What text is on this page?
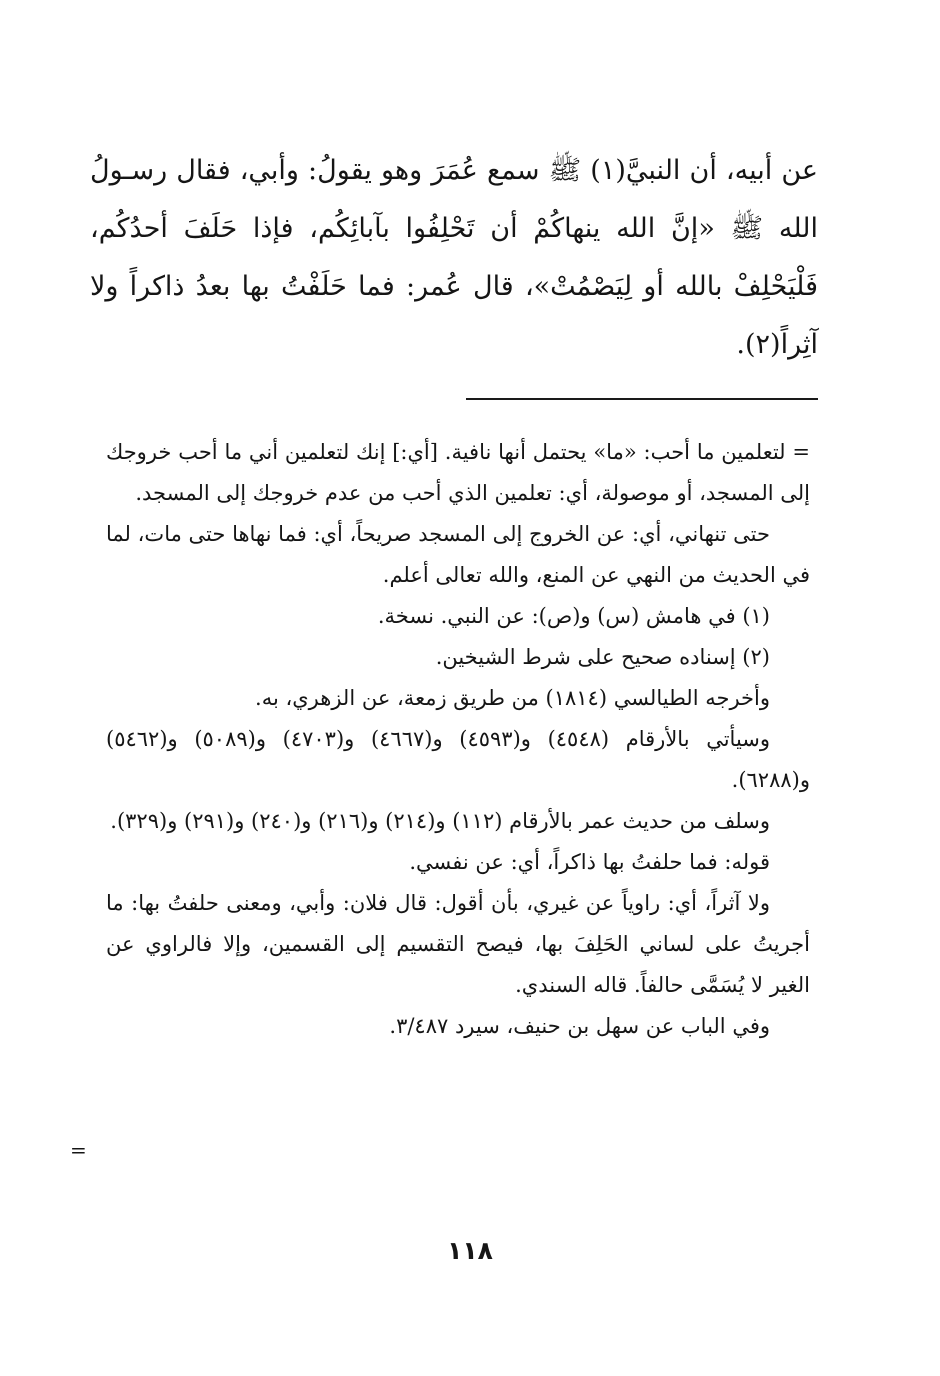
عن أبيه، أن النبيَّ(١) ﷺ سمع عُمَرَ وهو يقولُ: وأبي، فقال رسـولُ الله ﷺ «إنَّ الله ينهاكُمْ أن تَحْلِفُوا بآبائِكُم، فإذا حَلَفَ أحدُكُم، فَلْيَحْلِفْ بالله أو لِيَصْمُتْ»، قال عُمر: فما حَلَفْتُ بها بعدُ ذاكراً ولا آثِراً(٢).

= لتعلمين ما أحب: «ما» يحتمل أنها نافية. [أي:] إنك لتعلمين أني ما أحب خروجك إلى المسجد، أو موصولة، أي: تعلمين الذي أحب من عدم خروجك إلى المسجد.

حتى تنهاني، أي: عن الخروج إلى المسجد صريحاً، أي: فما نهاها حتى مات، لما في الحديث من النهي عن المنع، والله تعالى أعلم.

(١) في هامش (س) و(ص): عن النبي. نسخة.

(٢) إسناده صحيح على شرط الشيخين.

وأخرجه الطيالسي (١٨١٤) من طريق زمعة، عن الزهري، به.

وسيأتي بالأرقام (٤٥٤٨) و(٤٥٩٣) و(٤٦٦٧) و(٤٧٠٣) و(٥٠٨٩) و(٥٤٦٢) و(٦٢٨٨).

وسلف من حديث عمر بالأرقام (١١٢) و(٢١٤) و(٢١٦) و(٢٤٠) و(٢٩١) و(٣٢٩).

قوله: فما حلفتُ بها ذاكراً، أي: عن نفسي.

ولا آثراً، أي: راوياً عن غيري، بأن أقول: قال فلان: وأبي، ومعنى حلفتُ بها: ما أجريتُ على لساني الحَلِفَ بها، فيصح التقسيم إلى القسمين، وإلا فالراوي عن الغير لا يُسَمَّى حالفاً. قاله السندي.

وفي الباب عن سهل بن حنيف، سيرد ٣/٤٨٧.

=
١١٨
